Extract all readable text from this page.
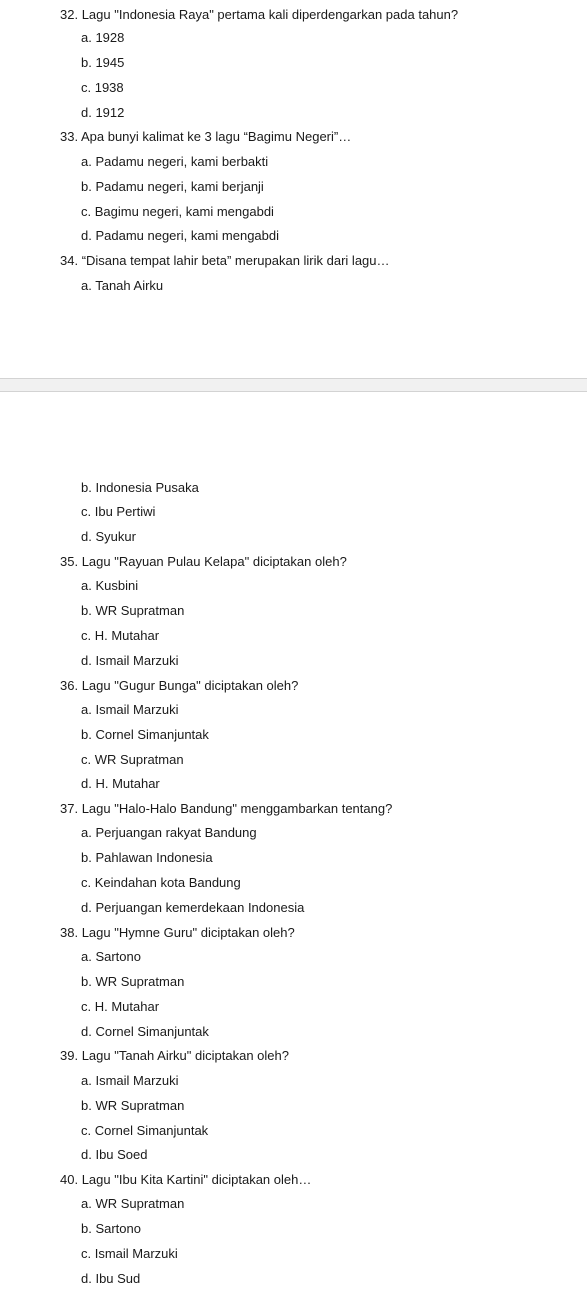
32. Lagu "Indonesia Raya" pertama kali diperdengarkan pada tahun?
a. 1928
b. 1945
c. 1938
d. 1912
33. Apa bunyi kalimat ke 3 lagu “Bagimu Negeri”…
a. Padamu negeri, kami berbakti
b. Padamu negeri, kami berjanji
c. Bagimu negeri, kami mengabdi
d. Padamu negeri, kami mengabdi
34. “Disana tempat lahir beta” merupakan lirik dari lagu…
a. Tanah Airku
b. Indonesia Pusaka
c. Ibu Pertiwi
d. Syukur
35. Lagu "Rayuan Pulau Kelapa" diciptakan oleh?
a. Kusbini
b. WR Supratman
c. H. Mutahar
d. Ismail Marzuki
36. Lagu "Gugur Bunga" diciptakan oleh?
a. Ismail Marzuki
b. Cornel Simanjuntak
c. WR Supratman
d. H. Mutahar
37. Lagu "Halo-Halo Bandung" menggambarkan tentang?
a. Perjuangan rakyat Bandung
b. Pahlawan Indonesia
c. Keindahan kota Bandung
d. Perjuangan kemerdekaan Indonesia
38. Lagu "Hymne Guru" diciptakan oleh?
a. Sartono
b. WR Supratman
c. H. Mutahar
d. Cornel Simanjuntak
39. Lagu "Tanah Airku" diciptakan oleh?
a. Ismail Marzuki
b. WR Supratman
c. Cornel Simanjuntak
d. Ibu Soed
40. Lagu "Ibu Kita Kartini" diciptakan oleh…
a. WR Supratman
b. Sartono
c. Ismail Marzuki
d. Ibu Sud
